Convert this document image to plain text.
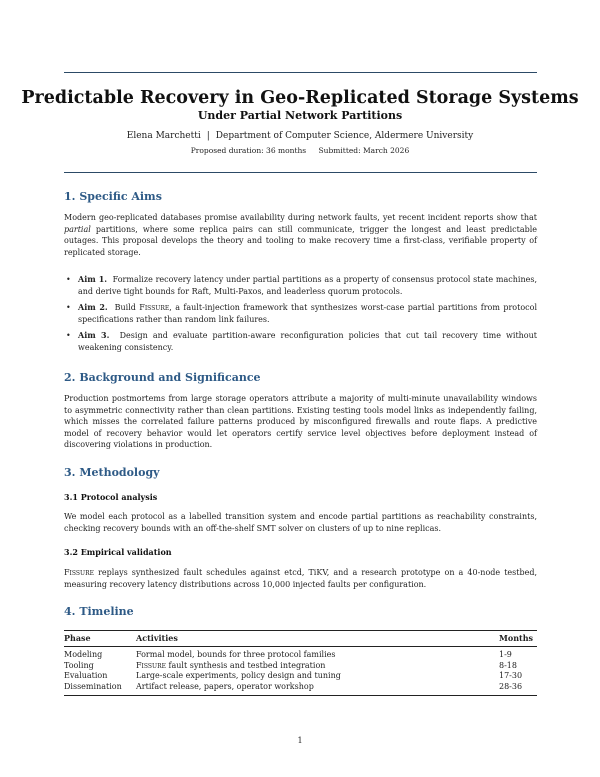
Predictable Recovery in Geo-Replicated Storage Systems
Under Partial Network Partitions
Elena Marchetti | Department of Computer Science, Aldermere University
Proposed duration: 36 months Submitted: March 2026
1. Specific Aims

Modern geo-replicated databases promise availability during network faults, yet recent incident reports show that partial partitions, where some replica pairs can still communicate, trigger the longest and least predictable outages. This proposal develops the theory and tooling to make recovery time a first-class, verifiable property of replicated storage.

• Aim 1. Formalize recovery latency under partial partitions as a property of consensus protocol state machines, and derive tight bounds for Raft, Multi-Paxos, and leaderless quorum protocols.
• Aim 2. Build Fissure, a fault-injection framework that synthesizes worst-case partial partitions from protocol specifications rather than random link failures.
• Aim 3. Design and evaluate partition-aware reconfiguration policies that cut tail recovery time without weakening consistency.
2. Background and Significance

Production postmortems from large storage operators attribute a majority of multi-minute unavailability windows to asymmetric connectivity rather than clean partitions. Existing testing tools model links as independently failing, which misses the correlated failure patterns produced by misconfigured firewalls and route flaps. A predictive model of recovery behavior would let operators certify service level objectives before deployment instead of discovering violations in production.

3. Methodology
3.1 Protocol analysis

We model each protocol as a labelled transition system and encode partial partitions as reachability constraints, checking recovery bounds with an off-the-shelf SMT solver on clusters of up to nine replicas.

3.2 Empirical validation

Fissure replays synthesized fault schedules against etcd, TiKV, and a research prototype on a 40-node testbed, measuring recovery latency distributions across 10,000 injected faults per configuration.

4. Timeline
Phase	Activities	Months
Modeling	Formal model, bounds for three protocol families	1-9
Tooling	Fissure fault synthesis and testbed integration	8-18
Evaluation	Large-scale experiments, policy design and tuning	17-30
Dissemination	Artifact release, papers, operator workshop	28-36
1
